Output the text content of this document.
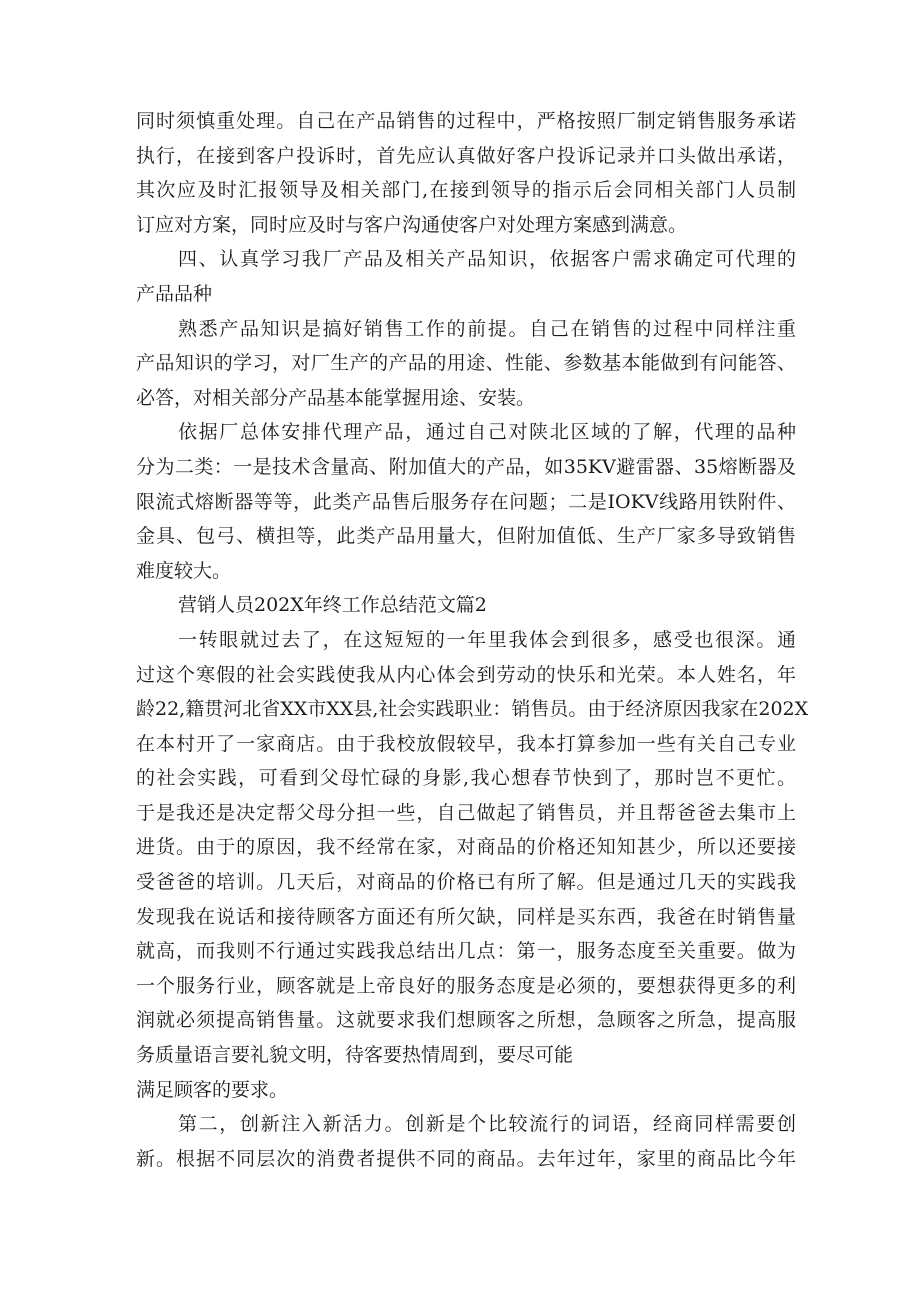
同时须慎重处理。自己在产品销售的过程中，严格按照厂制定销售服务承诺
执行，在接到客户投诉时，首先应认真做好客户投诉记录并口头做出承诺，
其次应及时汇报领导及相关部门,在接到领导的指示后会同相关部门人员制
订应对方案，同时应及时与客户沟通使客户对处理方案感到满意。
四、认真学习我厂产品及相关产品知识，依据客户需求确定可代理的
产品品种
熟悉产品知识是搞好销售工作的前提。自己在销售的过程中同样注重
产品知识的学习，对厂生产的产品的用途、性能、参数基本能做到有问能答、
必答，对相关部分产品基本能掌握用途、安装。
依据厂总体安排代理产品，通过自己对陕北区域的了解，代理的品种
分为二类：一是技术含量高、附加值大的产品，如35KV避雷器、35熔断器及
限流式熔断器等等，此类产品售后服务存在问题；二是IOKV线路用铁附件、
金具、包弓、横担等，此类产品用量大，但附加值低、生产厂家多导致销售
难度较大。
营销人员202X年终工作总结范文篇2
一转眼就过去了，在这短短的一年里我体会到很多，感受也很深。通
过这个寒假的社会实践使我从内心体会到劳动的快乐和光荣。本人姓名，年
龄22,籍贯河北省XX市XX县,社会实践职业：销售员。由于经济原因我家在202X
在本村开了一家商店。由于我校放假较早，我本打算参加一些有关自己专业
的社会实践，可看到父母忙碌的身影,我心想春节快到了，那时岂不更忙。
于是我还是决定帮父母分担一些，自己做起了销售员，并且帮爸爸去集市上
进货。由于的原因，我不经常在家，对商品的价格还知知甚少，所以还要接
受爸爸的培训。几天后，对商品的价格已有所了解。但是通过几天的实践我
发现我在说话和接待顾客方面还有所欠缺，同样是买东西，我爸在时销售量
就高，而我则不行通过实践我总结出几点：第一，服务态度至关重要。做为
一个服务行业，顾客就是上帝良好的服务态度是必须的，要想获得更多的利
润就必须提高销售量。这就要求我们想顾客之所想，急顾客之所急，提高服
务质量语言要礼貌文明，待客要热情周到，要尽可能
满足顾客的要求。
第二，创新注入新活力。创新是个比较流行的词语，经商同样需要创
新。根据不同层次的消费者提供不同的商品。去年过年，家里的商品比今年
